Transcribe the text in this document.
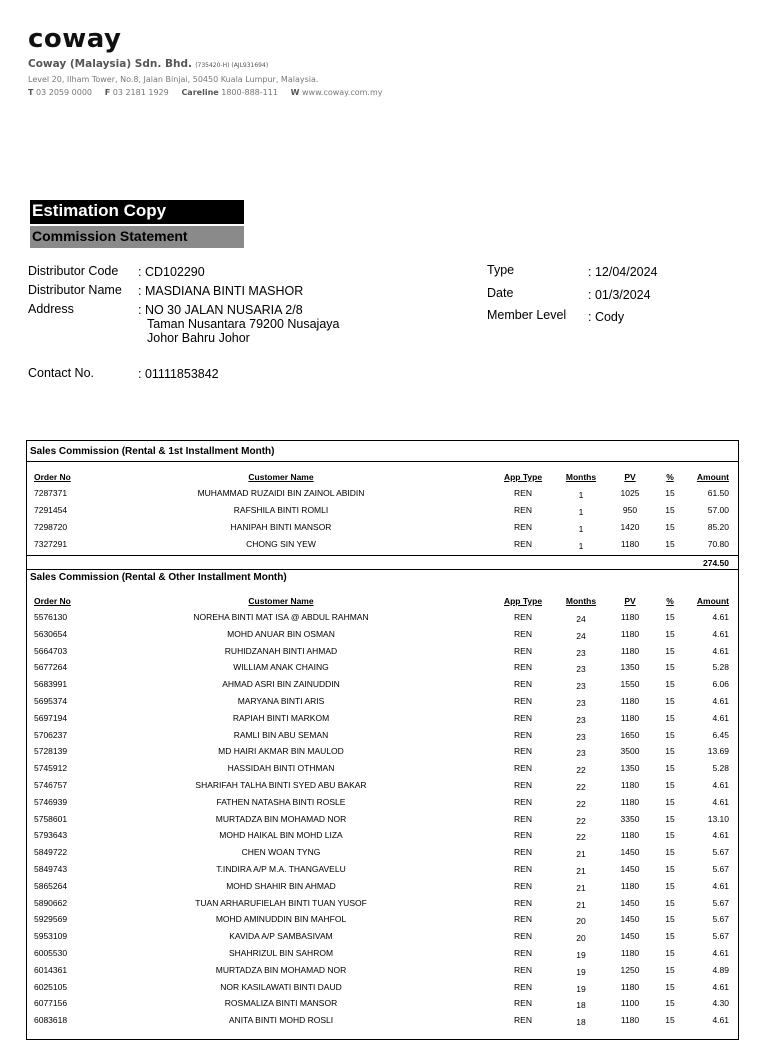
coway
Coway (Malaysia) Sdn. Bhd. (735420-H) (AJL931694)
Level 20, Ilham Tower, No.8, Jalan Binjai, 50450 Kuala Lumpur, Malaysia.
T 03 2059 0000 F 03 2181 1929 Careline 1800-888-111 W www.coway.com.my
Estimation Copy
Commission Statement
Distributor Code : CD102290
Distributor Name : MASDIANA BINTI MASHOR
Address	: NO 30 JALAN NUSARIA 2/8
Taman Nusantara 79200 Nusajaya
Johor Bahru Johor
Contact No.	: 01111853842
Type	: 12/04/2024
Date	: 01/3/2024
Member Level : Cody
Sales Commission (Rental & 1st Installment Month)
Order No	Customer Name	App Type	Months	PV	%	Amount
7287371	MUHAMMAD RUZAIDI BIN ZAINOL ABIDIN	REN	1	1025	15	61.50
7291454	RAFSHILA BINTI ROMLI	REN	1	950	15	57.00
7298720	HANIPAH BINTI MANSOR	REN	1	1420	15	85.20
7327291	CHONG SIN YEW	REN	1	1180	15	70.80
274.50
Sales Commission (Rental & Other Installment Month)
Order No	Customer Name	App Type	Months	PV	%	Amount
5576130	NOREHA BINTI MAT ISA @ ABDUL RAHMAN	REN	24	1180	15	4.61
5630654	MOHD ANUAR BIN OSMAN	REN	24	1180	15	4.61
5664703	RUHIDZANAH BINTI AHMAD	REN	23	1180	15	4.61
5677264	WILLIAM ANAK CHAING	REN	23	1350	15	5.28
5683991	AHMAD ASRI BIN ZAINUDDIN	REN	23	1550	15	6.06
5695374	MARYANA BINTI ARIS	REN	23	1180	15	4.61
5697194	RAPIAH BINTI MARKOM	REN	23	1180	15	4.61
5706237	RAMLI BIN ABU SEMAN	REN	23	1650	15	6.45
5728139	MD HAIRI AKMAR BIN MAULOD	REN	23	3500	15	13.69
5745912	HASSIDAH BINTI OTHMAN	REN	22	1350	15	5.28
5746757	SHARIFAH TALHA BINTI SYED ABU BAKAR	REN	22	1180	15	4.61
5746939	FATHEN NATASHA BINTI ROSLE	REN	22	1180	15	4.61
5758601	MURTADZA BIN MOHAMAD NOR	REN	22	3350	15	13.10
5793643	MOHD HAIKAL BIN MOHD LIZA	REN	22	1180	15	4.61
5849722	CHEN WOAN TYNG	REN	21	1450	15	5.67
5849743	T.INDIRA A/P M.A. THANGAVELU	REN	21	1450	15	5.67
5865264	MOHD SHAHIR BIN AHMAD	REN	21	1180	15	4.61
5890662	TUAN ARHARUFIELAH BINTI TUAN YUSOF	REN	21	1450	15	5.67
5929569	MOHD AMINUDDIN BIN MAHFOL	REN	20	1450	15	5.67
5953109	KAVIDA A/P SAMBASIVAM	REN	20	1450	15	5.67
6005530	SHAHRIZUL BIN SAHROM	REN	19	1180	15	4.61
6014361	MURTADZA BIN MOHAMAD NOR	REN	19	1250	15	4.89
6025105	NOR KASILAWATI BINTI DAUD	REN	19	1180	15	4.61
6077156	ROSMALIZA BINTI MANSOR	REN	18	1100	15	4.30
6083618	ANITA BINTI MOHD ROSLI	REN	18	1180	15	4.61
